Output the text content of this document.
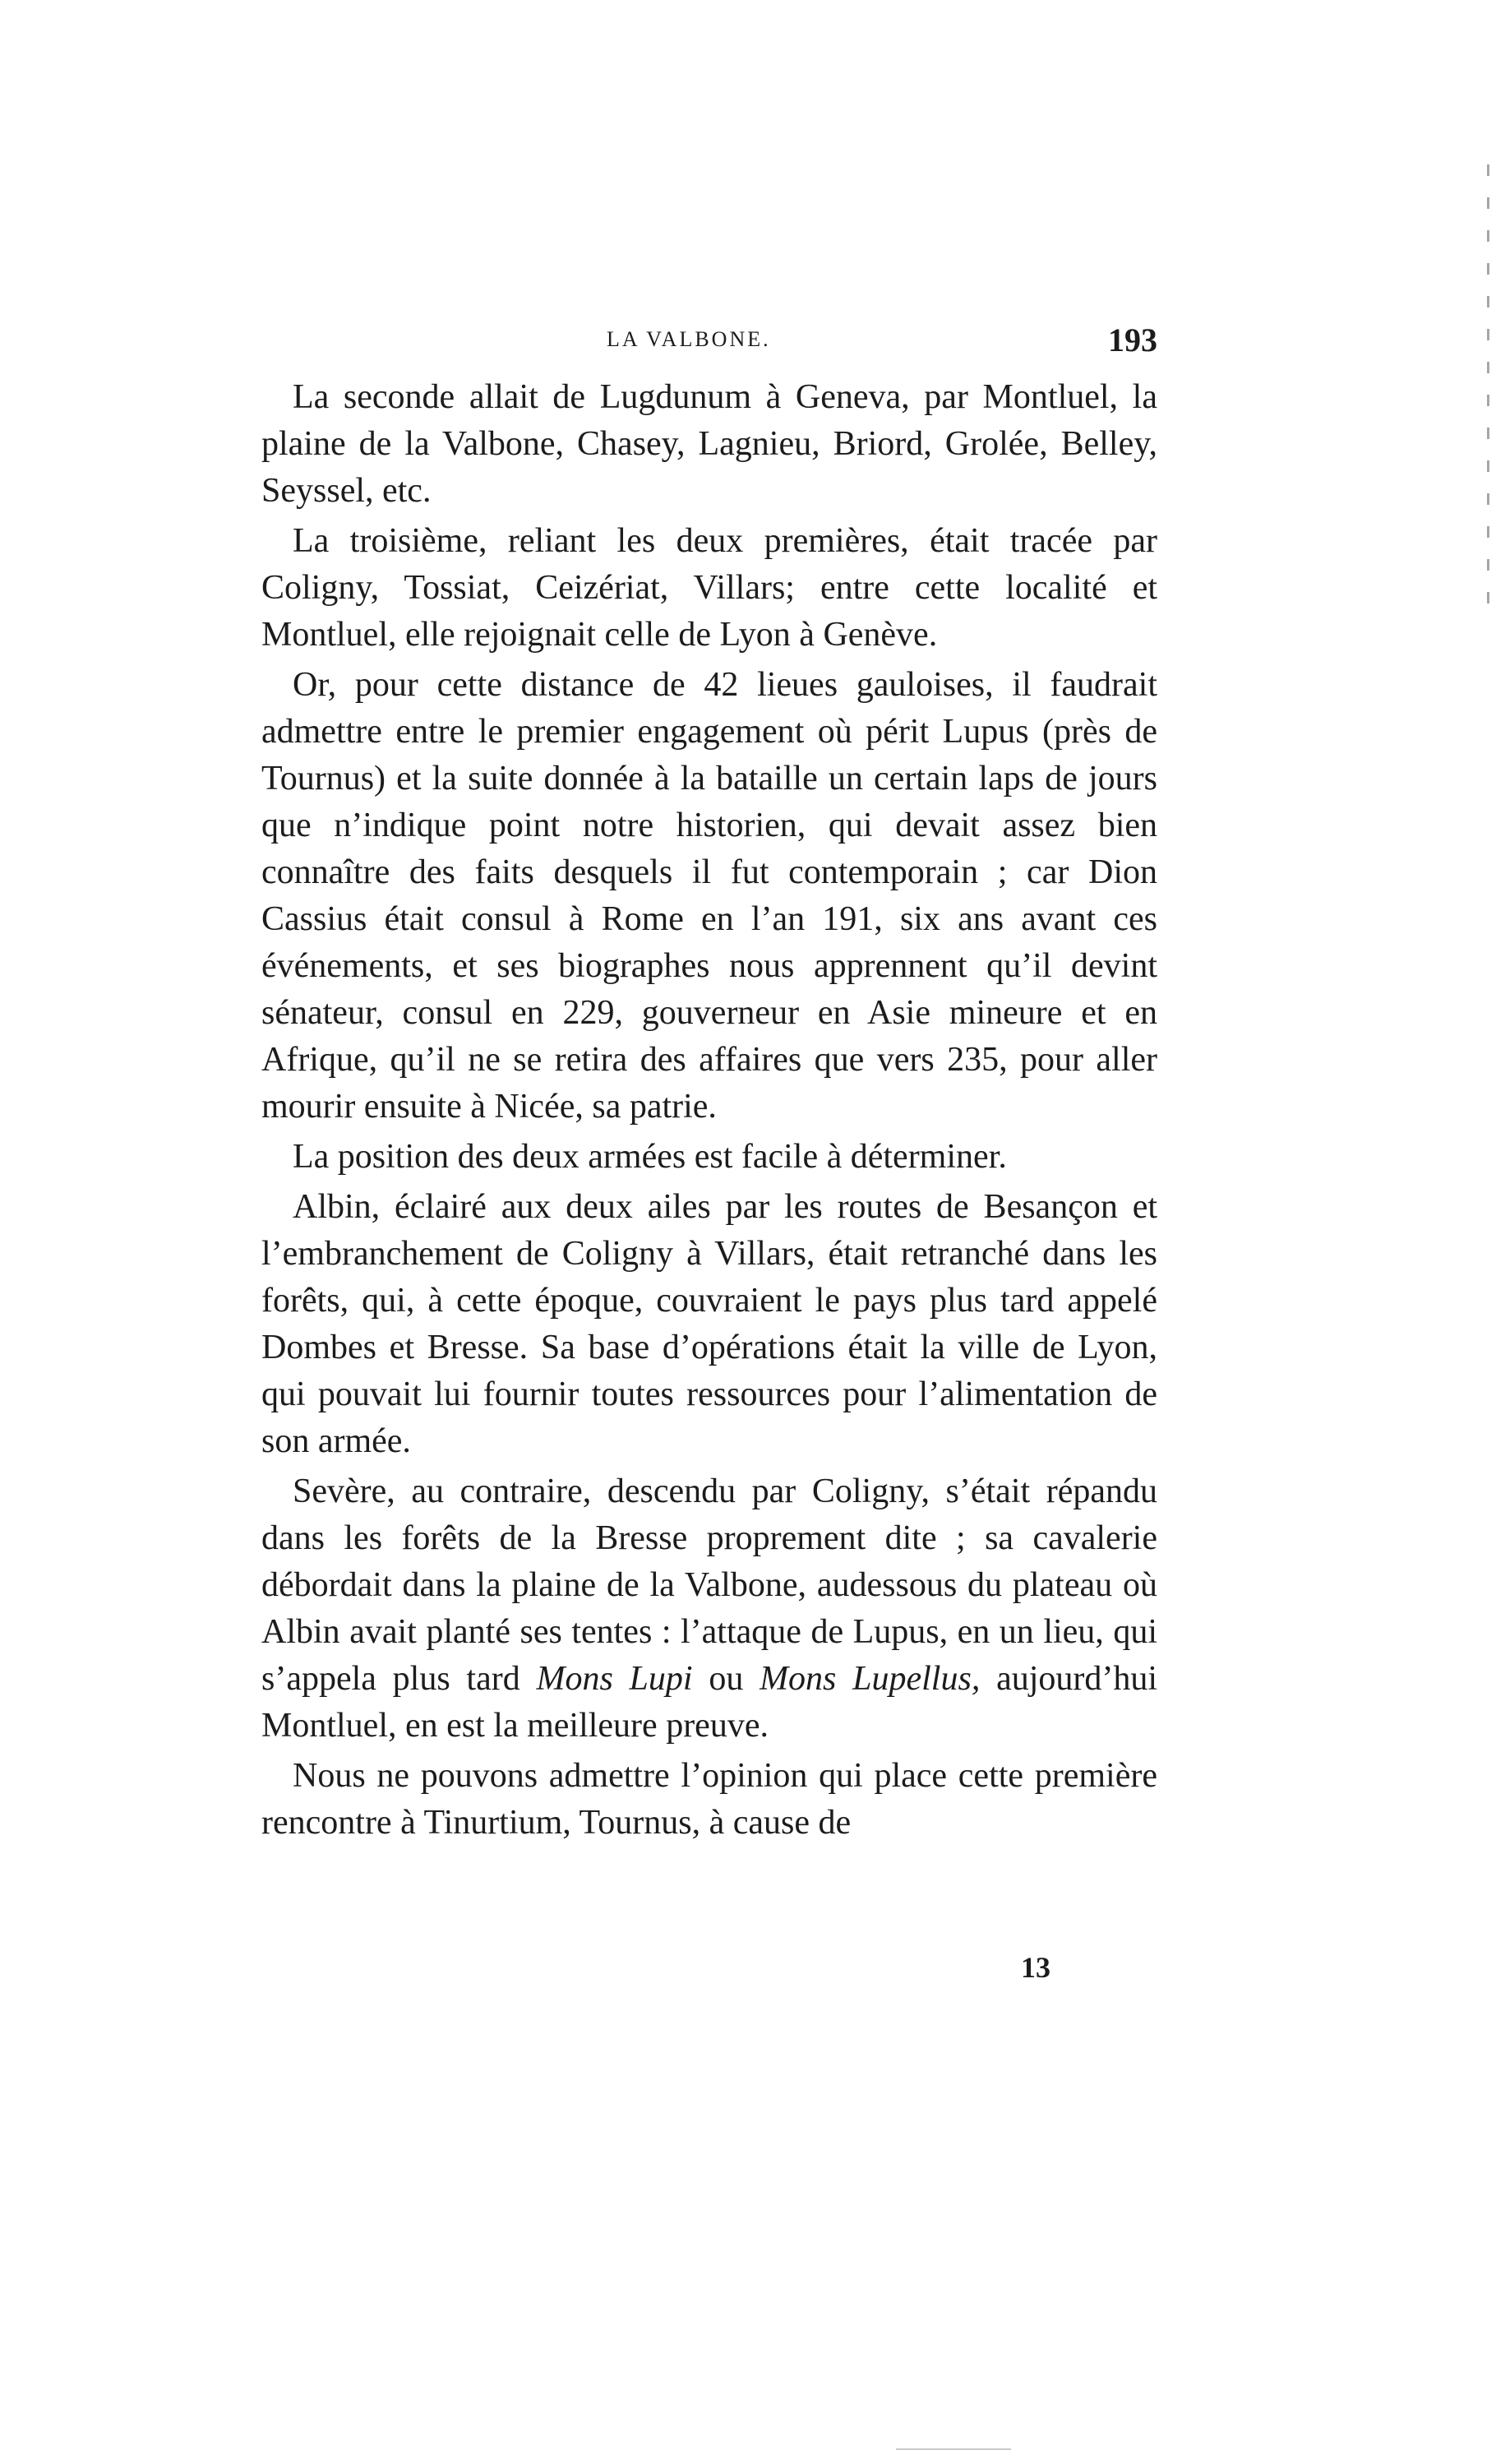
LA VALBONE.	193

La seconde allait de Lugdunum à Geneva, par Montluel, la plaine de la Valbone, Chasey, Lagnieu, Briord, Grolée, Belley, Seyssel, etc.

La troisième, reliant les deux premières, était tracée par Coligny, Tossiat, Ceizériat, Villars; entre cette localité et Montluel, elle rejoignait celle de Lyon à Genève.

Or, pour cette distance de 42 lieues gauloises, il faudrait admettre entre le premier engagement où périt Lupus (près de Tournus) et la suite donnée à la bataille un certain laps de jours que n’indique point notre historien, qui devait assez bien connaître des faits desquels il fut contemporain ; car Dion Cassius était consul à Rome en l’an 191, six ans avant ces événements, et ses biographes nous apprennent qu’il devint sénateur, consul en 229, gouverneur en Asie mineure et en Afrique, qu’il ne se retira des affaires que vers 235, pour aller mourir ensuite à Nicée, sa patrie.

La position des deux armées est facile à déterminer.

Albin, éclairé aux deux ailes par les routes de Besançon et l’embranchement de Coligny à Villars, était retranché dans les forêts, qui, à cette époque, couvraient le pays plus tard appelé Dombes et Bresse. Sa base d’opérations était la ville de Lyon, qui pouvait lui fournir toutes ressources pour l’alimentation de son armée.

Sevère, au contraire, descendu par Coligny, s’était répandu dans les forêts de la Bresse proprement dite ; sa cavalerie débordait dans la plaine de la Valbone, audessous du plateau où Albin avait planté ses tentes : l’attaque de Lupus, en un lieu, qui s’appela plus tard Mons Lupi ou Mons Lupellus, aujourd’hui Montluel, en est la meilleure preuve.

Nous ne pouvons admettre l’opinion qui place cette première rencontre à Tinurtium, Tournus, à cause de

13
